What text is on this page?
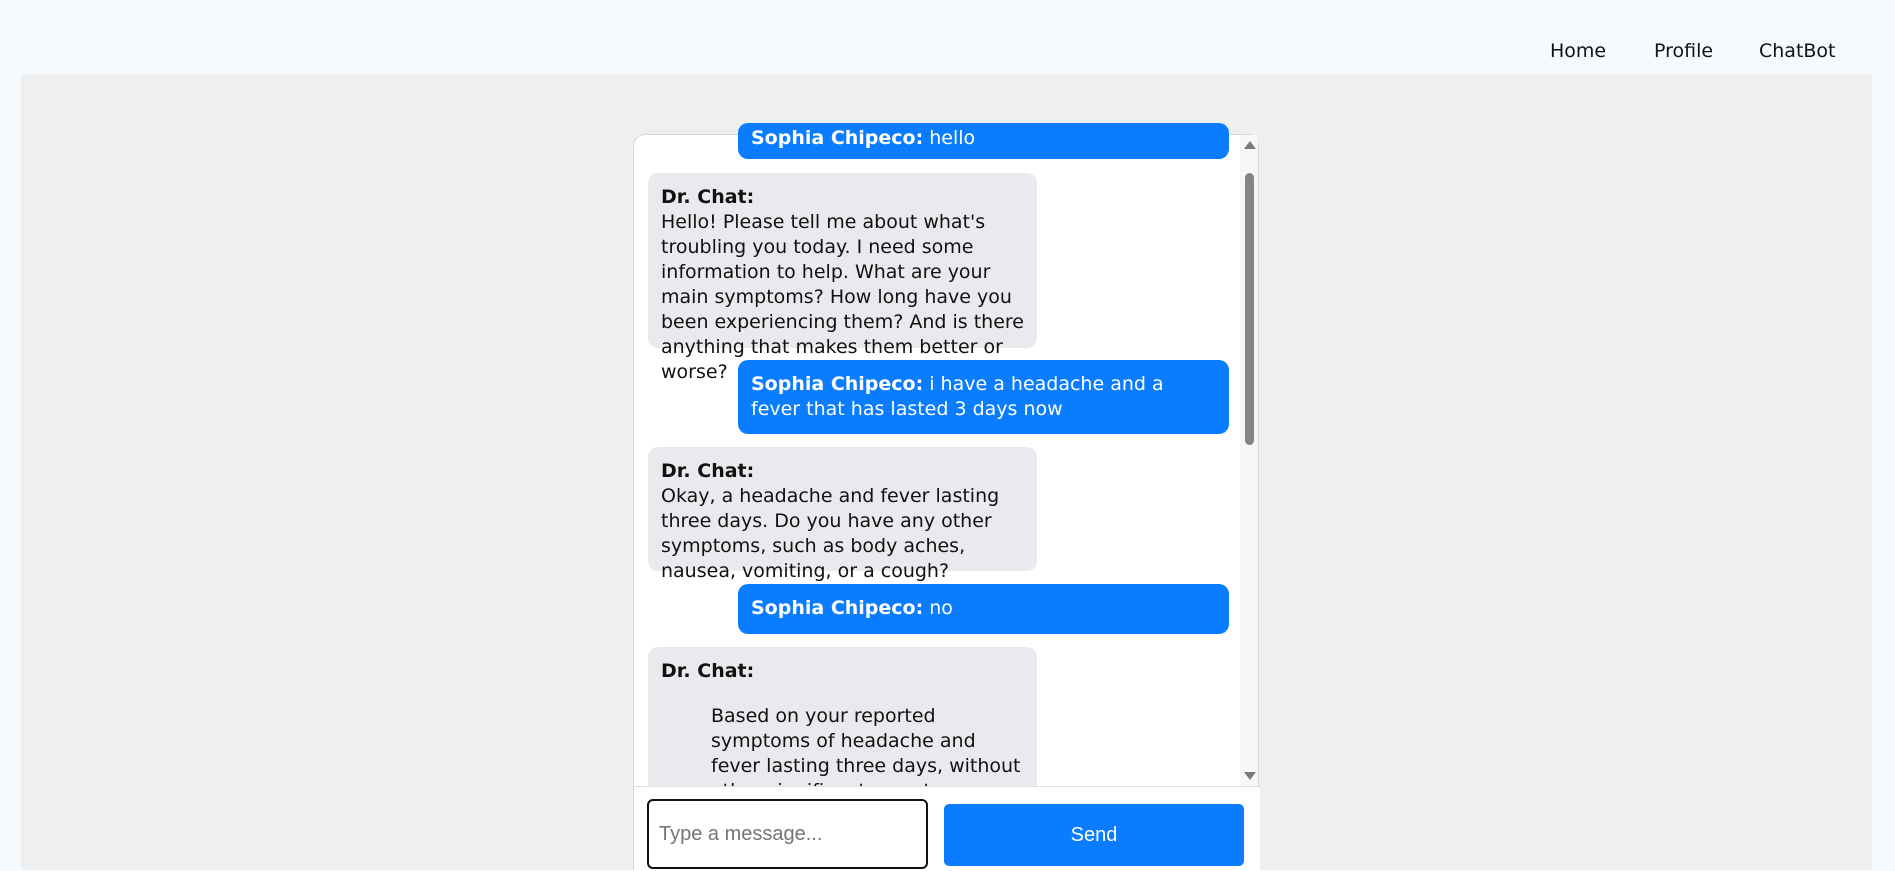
Home	Profile ChatBot
Sophia Chipeco: hello
Dr. Chat:
Hello! Please tell me about what's troubling you today. I need some information to help. What are your main symptoms? How long have you been experiencing them? And is there anything that makes them better or worse?
Sophia Chipeco: i have a headache and a fever that has lasted 3 days now
Dr. Chat:
Okay, a headache and fever lasting three days. Do you have any other symptoms, such as body aches, nausea, vomiting, or a cough?
Sophia Chipeco: no
Dr. Chat:
Based on your reported symptoms of headache and fever lasting three days, without
Type a message...
Send
